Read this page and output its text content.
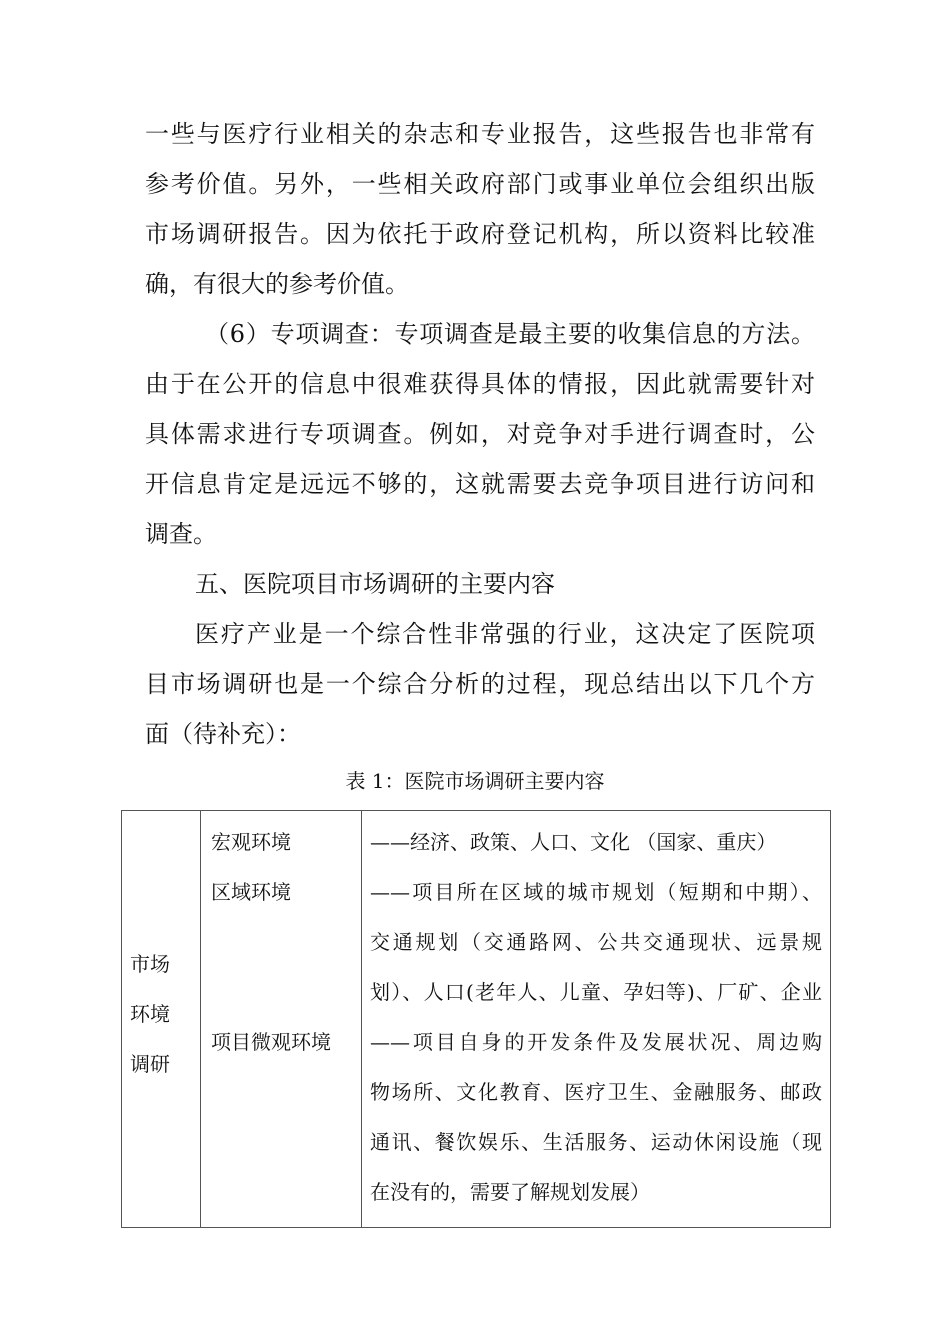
一些与医疗行业相关的杂志和专业报告，这些报告也非常有
参考价值。另外，一些相关政府部门或事业单位会组织出版
市场调研报告。因为依托于政府登记机构，所以资料比较准
确，有很大的参考价值。
（6）专项调查：专项调查是最主要的收集信息的方法。
由于在公开的信息中很难获得具体的情报，因此就需要针对
具体需求进行专项调查。例如，对竞争对手进行调查时，公
开信息肯定是远远不够的，这就需要去竞争项目进行访问和
调查。
五、医院项目市场调研的主要内容
医疗产业是一个综合性非常强的行业，这决定了医院项
目市场调研也是一个综合分析的过程，现总结出以下几个方
面（待补充）：
表 1：医院市场调研主要内容
市场
环境
调研

宏观环境
区域环境
项目微观环境

——经济、政策、人口、文化 （国家、重庆）
——项目所在区域的城市规划（短期和中期）、
交通规划（交通路网、公共交通现状、远景规
划）、人口(老年人、儿童、孕妇等)、厂矿、企业
——项目自身的开发条件及发展状况、周边购
物场所、文化教育、医疗卫生、金融服务、邮政
通讯、餐饮娱乐、生活服务、运动休闲设施（现
在没有的，需要了解规划发展）
